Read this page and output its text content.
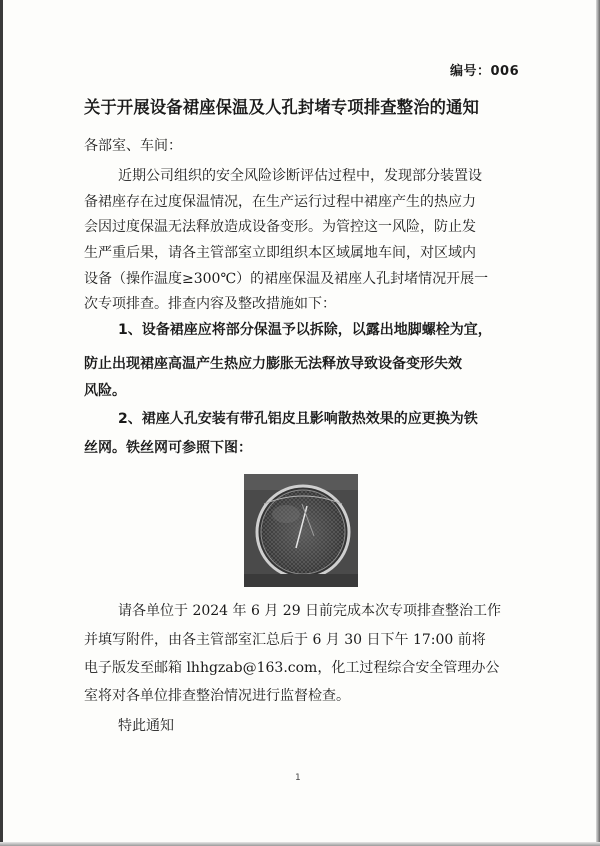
编号：006
关于开展设备裙座保温及人孔封堵专项排查整治的通知
各部室、车间：
近期公司组织的安全风险诊断评估过程中，发现部分装置设
备裙座存在过度保温情况，在生产运行过程中裙座产生的热应力
会因过度保温无法释放造成设备变形。为管控这一风险，防止发
生严重后果，请各主管部室立即组织本区域属地车间，对区域内
设备（操作温度≥300℃）的裙座保温及裙座人孔封堵情况开展一
次专项排查。排查内容及整改措施如下：
1、设备裙座应将部分保温予以拆除，以露出地脚螺栓为宜，
防止出现裙座高温产生热应力膨胀无法释放导致设备变形失效
风险。
2、裙座人孔安装有带孔铝皮且影响散热效果的应更换为铁
丝网。铁丝网可参照下图：
请各单位于 2024 年 6 月 29 日前完成本次专项排查整治工作
并填写附件，由各主管部室汇总后于 6 月 30 日下午 17:00 前将
电子版发至邮箱 lhhgzab@163.com，化工过程综合安全管理办公
室将对各单位排查整治情况进行监督检查。
特此通知
1
